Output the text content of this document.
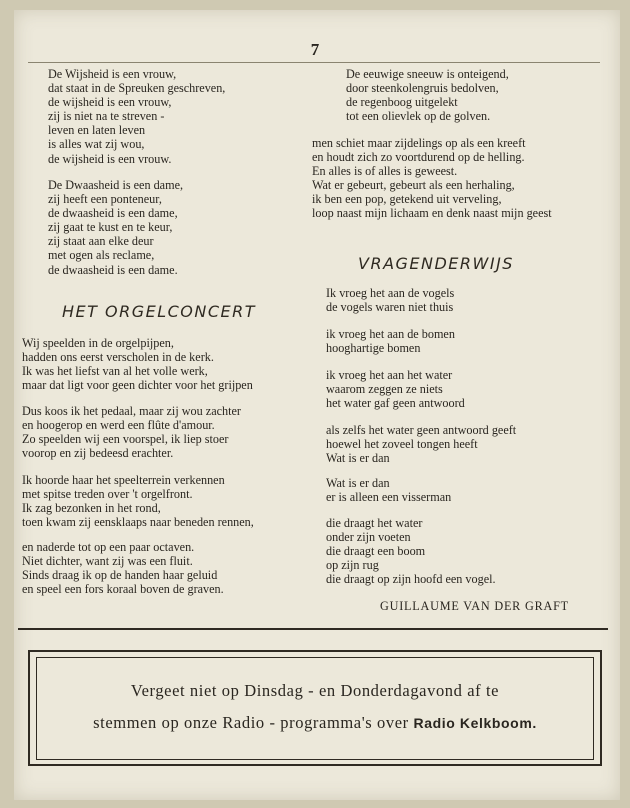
7
De Wijsheid is een vrouw,
dat staat in de Spreuken geschreven,
de wijsheid is een vrouw,
zij is niet na te streven -
leven en laten leven
is alles wat zij wou,
de wijsheid is een vrouw.
De Dwaasheid is een dame,
zij heeft een ponteneur,
de dwaasheid is een dame,
zij gaat te kust en te keur,
zij staat aan elke deur
met ogen als reclame,
de dwaasheid is een dame.
HET ORGELCONCERT
Wij speelden in de orgelpijpen,
hadden ons eerst verscholen in de kerk.
Ik was het liefst van al het volle werk,
maar dat ligt voor geen dichter voor het grijpen
Dus koos ik het pedaal, maar zij wou zachter
en hoogerop en werd een flûte d'amour.
Zo speelden wij een voorspel, ik liep stoer
voorop en zij bedeesd erachter.
Ik hoorde haar het speelterrein verkennen
met spitse treden over 't orgelfront.
Ik zag bezonken in het rond,
toen kwam zij eensklaaps naar beneden rennen,
en naderde tot op een paar octaven.
Niet dichter, want zij was een fluit.
Sinds draag ik op de handen haar geluid
en speel een fors koraal boven de graven.
De eeuwige sneeuw is onteigend,
door steenkolengruis bedolven,
de regenboog uitgelekt
tot een olievlek op de golven.
men schiet maar zijdelings op als een kreeft
en houdt zich zo voortdurend op de helling.
En alles is of alles is geweest.
Wat er gebeurt, gebeurt als een herhaling,
ik ben een pop, getekend uit verveling,
loop naast mijn lichaam en denk naast mijn geest
VRAGENDERWIJS
Ik vroeg het aan de vogels
de vogels waren niet thuis
ik vroeg het aan de bomen
hooghartige bomen
ik vroeg het aan het water
waarom zeggen ze niets
het water gaf geen antwoord
als zelfs het water geen antwoord geeft
hoewel het zoveel tongen heeft
Wat is er dan
Wat is er dan
er is alleen een visserman
die draagt het water
onder zijn voeten
die draagt een boom
op zijn rug
die draagt op zijn hoofd een vogel.
GUILLAUME VAN DER GRAFT
Vergeet niet op Dinsdag - en Donderdagavond af te
stemmen op onze Radio - programma's over Radio Kelkboom.
